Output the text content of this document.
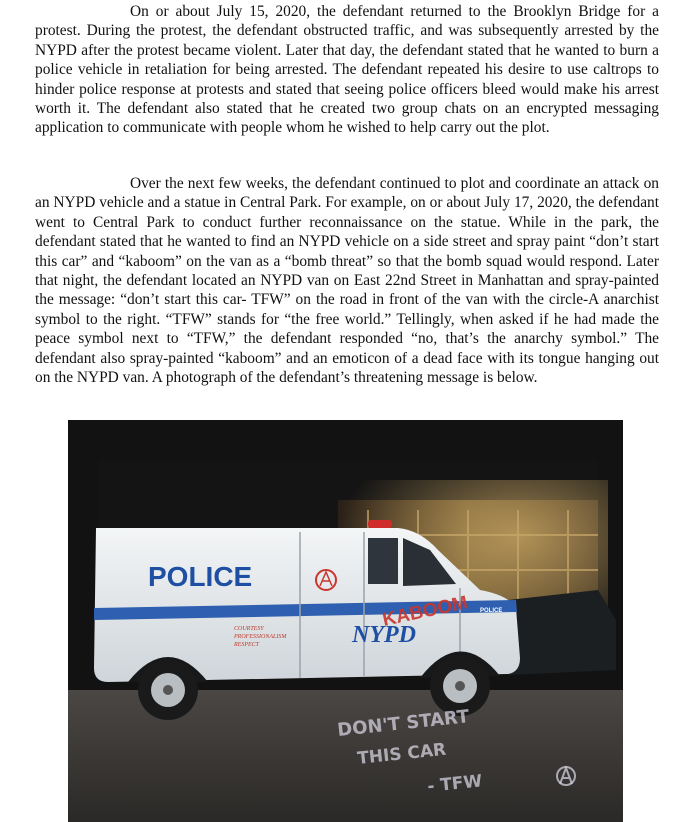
On or about July 15, 2020, the defendant returned to the Brooklyn Bridge for a protest. During the protest, the defendant obstructed traffic, and was subsequently arrested by the NYPD after the protest became violent. Later that day, the defendant stated that he wanted to burn a police vehicle in retaliation for being arrested. The defendant repeated his desire to use caltrops to hinder police response at protests and stated that seeing police officers bleed would make his arrest worth it. The defendant also stated that he created two group chats on an encrypted messaging application to communicate with people whom he wished to help carry out the plot.

Over the next few weeks, the defendant continued to plot and coordinate an attack on an NYPD vehicle and a statue in Central Park. For example, on or about July 17, 2020, the defendant went to Central Park to conduct further reconnaissance on the statue. While in the park, the defendant stated that he wanted to find an NYPD vehicle on a side street and spray paint “don’t start this car” and “kaboom” on the van as a “bomb threat” so that the bomb squad would respond. Later that night, the defendant located an NYPD van on East 22nd Street in Manhattan and spray-painted the message: “don’t start this car- TFW” on the road in front of the van with the circle-A anarchist symbol to the right. “TFW” stands for “the free world.” Tellingly, when asked if he had made the peace symbol next to “TFW,” the defendant responded “no, that’s the anarchy symbol.” The defendant also spray-painted “kaboom” and an emoticon of a dead face with its tongue hanging out on the NYPD van. A photograph of the defendant’s threatening message is below.

POLICE
NYPD
KABOOM
COURTESY
PROFESSIONALISM
RESPECT
POLICE
DON'T START
THIS CAR
- TFW
